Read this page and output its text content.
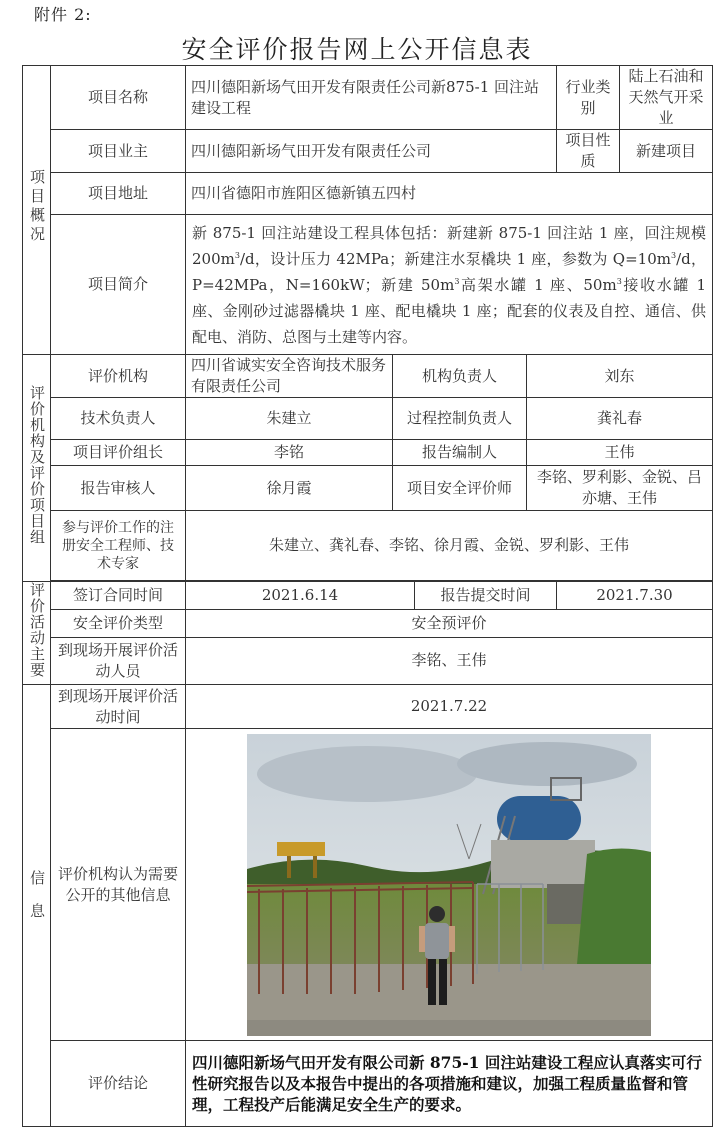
附件 2:
安全评价报告网上公开信息表
项目概况	项目名称	四川德阳新场气田开发有限责任公司新875-1 回注站建设工程				行业类别	陆上石油和天然气开采业
	项目业主	四川德阳新场气田开发有限责任公司				项目性质	新建项目
	项目地址	四川省德阳市旌阳区德新镇五四村					
	项目简介	新 875-1 回注站建设工程具体包括：新建新 875-1 回注站 1 座，回注规模 $200m^3/d$，设计压力 42MPa；新建注水泵橇块 1 座，参数为 $Q=10m^3/d$，P=42MPa，N=160kW；新建 $50m^3$高架水罐 1 座、$50m^3$接收水罐 1 座、金刚砂过滤器橇块 1 座、配电橇块 1 座；配套的仪表及自控、通信、供配电、消防、总图与土建等内容。					
评价机构及评价项目组	评价机构	四川省诚实安全咨询技术服务有限责任公司	机构负责人		刘东		
	技术负责人	朱建立	过程控制负责人		龚礼春		
	项目评价组长	李铭	报告编制人		王伟		
	报告审核人	徐月霞	项目安全评价师		李铭、罗利影、金锐、吕亦塘、王伟		
	参与评价工作的注册安全工程师、技术专家	朱建立、龚礼春、李铭、徐月霞、金锐、罗利影、王伟					

评价活动主要	签订合同时间	2021.6.14		报告提交时间		2021.7.30	
	安全评价类型	安全预评价					
	到现场开展评价活动人员	李铭、王伟					
信息	到现场开展评价活动时间	2021.7.22					
	评价机构认为需要公开的其他信息	

	评价结论	四川德阳新场气田开发有限公司新 875-1 回注站建设工程应认真落实可行性研究报告以及本报告中提出的各项措施和建议，加强工程质量监督和管理，工程投产后能满足安全生产的要求。					
